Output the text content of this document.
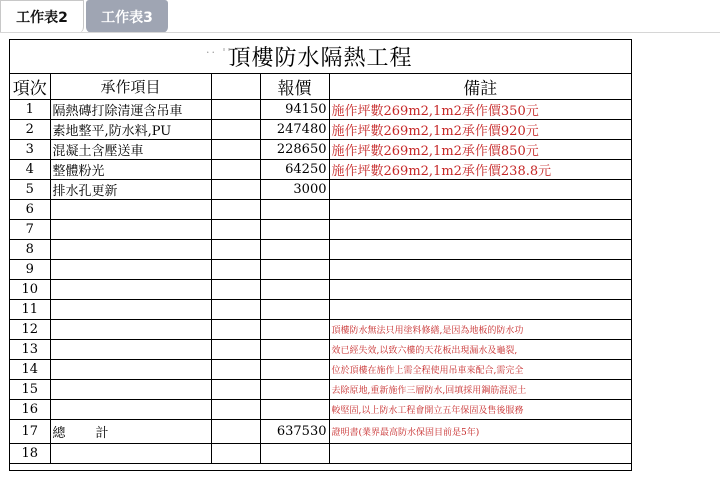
工作表2	工作表3
·· ''
頂樓防水隔熱工程
項次	承作項目		報價	備註
1	隔熱磚打除清運含吊車		94150	施作坪數269m2,1m2承作價350元
2	素地整平,防水料,PU		247480	施作坪數269m2,1m2承作價920元
3	混凝土含壓送車		228650	施作坪數269m2,1m2承作價850元
4	整體粉光		64250	施作坪數269m2,1m2承作價238.8元
5	排水孔更新		3000	
6				
7				
8				
9				
10				
11				
12				頂樓防水無法只用塗料修繕,是因為地板的防水功
13				效已經失效,以致六樓的天花板出現漏水及龜裂,
14				位於頂樓在施作上需全程使用吊車來配合,需完全
15				去除原地,重新施作三層防水,回填採用鋼筋混泥土
16				較堅固,以上防水工程會開立五年保固及售後服務
17	總 計		637530	證明書(業界最高防水保固目前是5年)
18				
